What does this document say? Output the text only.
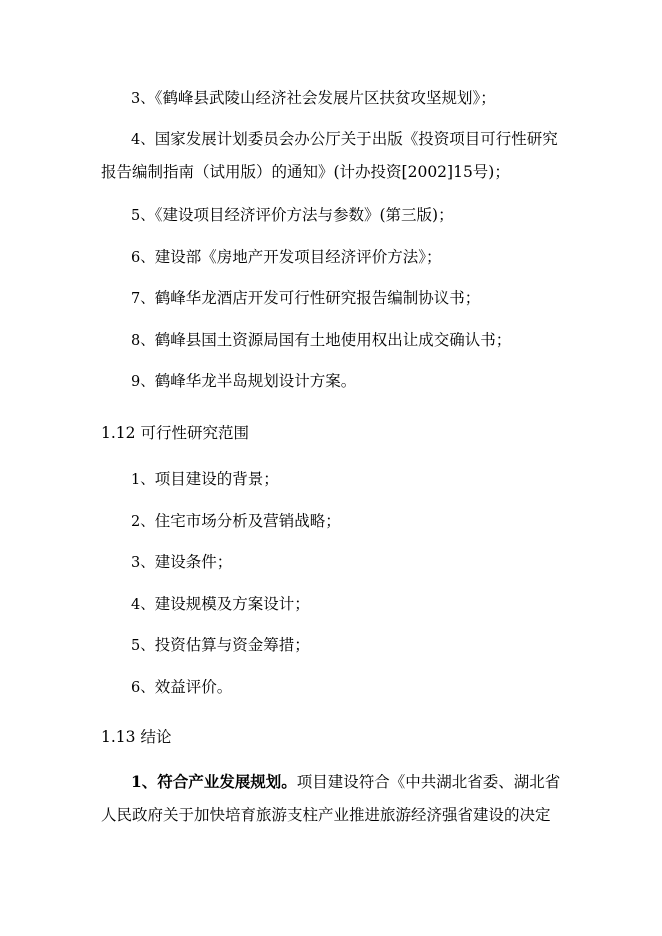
3、《鹤峰县武陵山经济社会发展片区扶贫攻坚规划》；
4、国家发展计划委员会办公厅关于出版《投资项目可行性研究
报告编制指南（试用版）的通知》(计办投资[2002]15号)；
5、《建设项目经济评价方法与参数》(第三版)；
6、建设部《房地产开发项目经济评价方法》；
7、鹤峰华龙酒店开发可行性研究报告编制协议书；
8、鹤峰县国土资源局国有土地使用权出让成交确认书；
9、鹤峰华龙半岛规划设计方案。
1.12 可行性研究范围
1、项目建设的背景；
2、住宅市场分析及营销战略；
3、建设条件；
4、建设规模及方案设计；
5、投资估算与资金筹措；
6、效益评价。
1.13 结论
1、符合产业发展规划。项目建设符合《中共湖北省委、湖北省
人民政府关于加快培育旅游支柱产业推进旅游经济强省建设的决定
